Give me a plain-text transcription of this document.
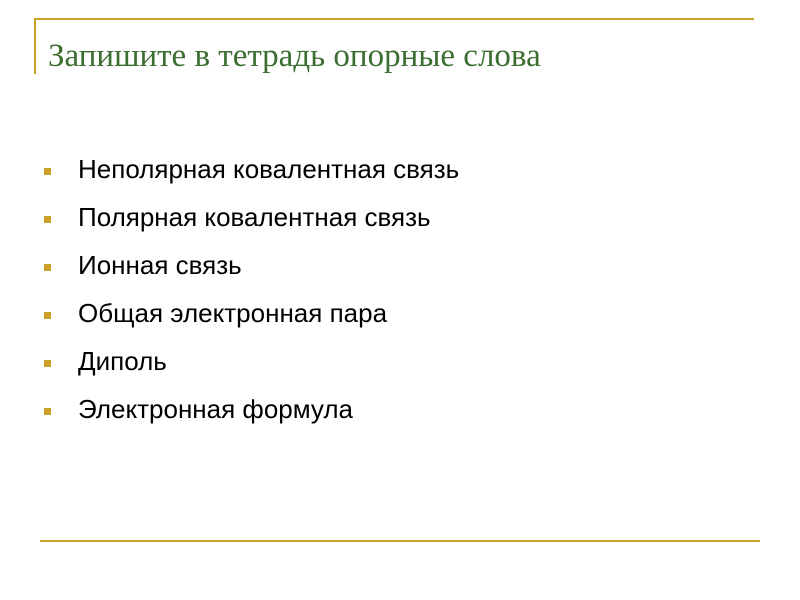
Запишите в тетрадь опорные слова
Неполярная ковалентная связь
Полярная ковалентная связь
Ионная связь
Общая электронная пара
Диполь
Электронная формула
